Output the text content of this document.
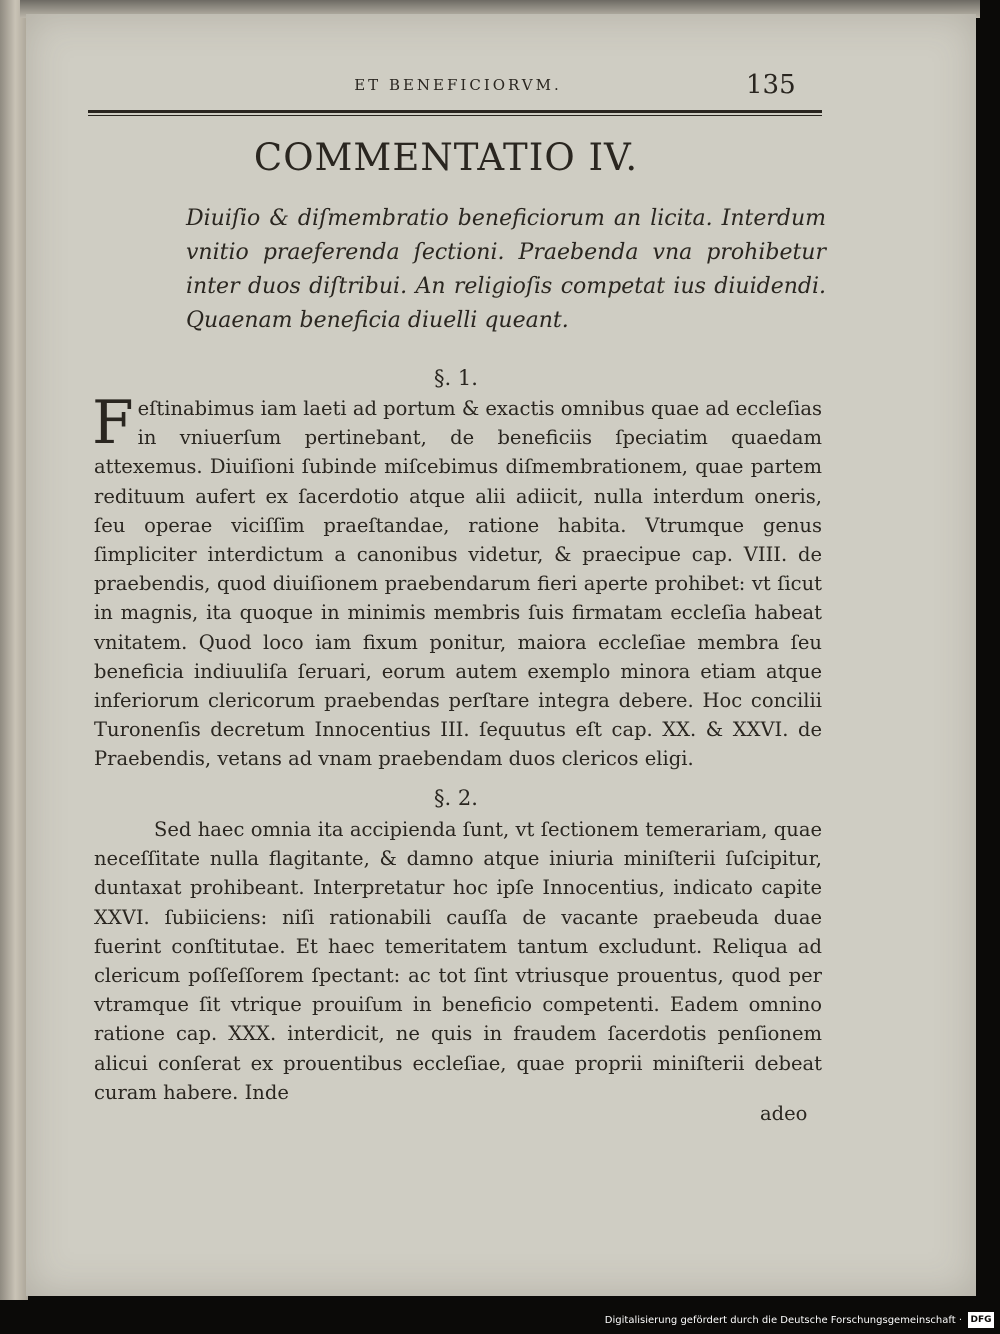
ET BENEFICIORVM.	135
COMMENTATIO IV.

Diuiſio & diſmembratio beneficiorum an licita. Interdum vnitio praeferenda ſectioni. Praebenda vna prohibetur inter duos diſtribui. An religioſis competat ius diuidendi. Quaenam beneficia diuelli queant.

§. 1.

Feſtinabimus iam laeti ad portum & exactis omnibus quae ad eccleſias in vniuerſum pertinebant, de beneficiis ſpeciatim quaedam attexemus. Diuiſioni ſubinde miſcebimus diſmembrationem, quae partem redituum aufert ex ſacerdotio atque alii adiicit, nulla interdum oneris, ſeu operae viciſſim praeſtandae, ratione habita. Vtrumque genus ſimpliciter interdictum a canonibus videtur, & praecipue cap. VIII. de praebendis, quod diuiſionem praebendarum fieri aperte prohibet: vt ſicut in magnis, ita quoque in minimis membris ſuis firmatam eccleſia habeat vnitatem. Quod loco iam fixum ponitur, maiora eccleſiae membra ſeu beneficia indiuuliſa ſeruari, eorum autem exemplo minora etiam atque inferiorum clericorum praebendas perſtare integra debere. Hoc concilii Turonenſis decretum Innocentius III. ſequutus eſt cap. XX. & XXVI. de Praebendis, vetans ad vnam praebendam duos clericos eligi.

§. 2.

Sed haec omnia ita accipienda ſunt, vt ſectionem temerariam, quae neceſſitate nulla flagitante, & damno atque iniuria miniſterii ſuſcipitur, duntaxat prohibeant. Interpretatur hoc ipſe Innocentius, indicato capite XXVI. ſubiiciens: niſi rationabili cauſſa de vacante praebeuda duae fuerint conſtitutae. Et haec temeritatem tantum excludunt. Reliqua ad clericum poſſeſſorem ſpectant: ac tot ſint vtriusque prouentus, quod per vtramque ſit vtrique prouiſum in beneficio competenti. Eadem omnino ratione cap. XXX. interdicit, ne quis in fraudem ſacerdotis penſionem alicui conſerat ex prouentibus eccleſiae, quae proprii miniſterii debeat curam habere. Inde

adeo
Digitalisierung gefördert durch die Deutsche Forschungsgemeinschaft · DFG
